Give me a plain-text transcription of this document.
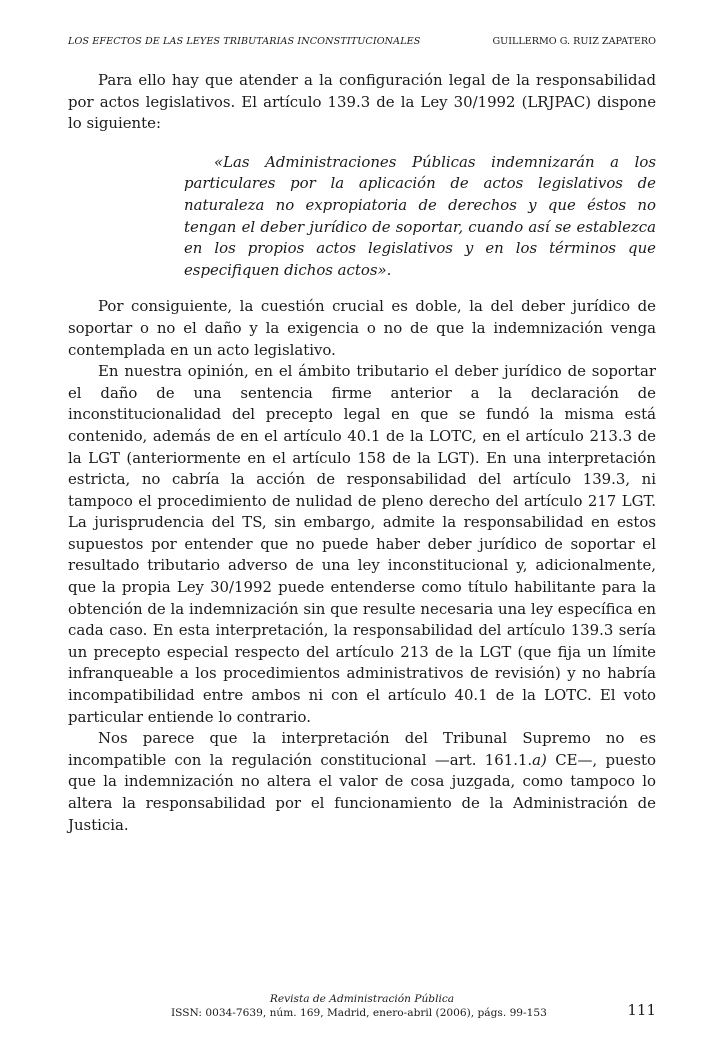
LOS EFECTOS DE LAS LEYES TRIBUTARIAS INCONSTITUCIONALES	GUILLERMO G. RUIZ ZAPATERO

Para ello hay que atender a la configuración legal de la responsabilidad por actos legislativos. El artículo 139.3 de la Ley 30/1992 (LRJPAC) dispone lo siguiente:

«Las Administraciones Públicas indemnizarán a los particulares por la aplicación de actos legislativos de naturaleza no expropiatoria de derechos y que éstos no tengan el deber jurídico de soportar, cuando así se establezca en los propios actos legislativos y en los términos que especifiquen dichos actos».

Por consiguiente, la cuestión crucial es doble, la del deber jurídico de soportar o no el daño y la exigencia o no de que la indemnización venga contemplada en un acto legislativo.

En nuestra opinión, en el ámbito tributario el deber jurídico de soportar el daño de una sentencia firme anterior a la declaración de inconstitucionalidad del precepto legal en que se fundó la misma está contenido, además de en el artículo 40.1 de la LOTC, en el artículo 213.3 de la LGT (anteriormente en el artículo 158 de la LGT). En una interpretación estricta, no cabría la acción de responsabilidad del artículo 139.3, ni tampoco el procedimiento de nulidad de pleno derecho del artículo 217 LGT. La jurisprudencia del TS, sin embargo, admite la responsabilidad en estos supuestos por entender que no puede haber deber jurídico de soportar el resultado tributario adverso de una ley inconstitucional y, adicionalmente, que la propia Ley 30/1992 puede entenderse como título habilitante para la obtención de la indemnización sin que resulte necesaria una ley específica en cada caso. En esta interpretación, la responsabilidad del artículo 139.3 sería un precepto especial respecto del artículo 213 de la LGT (que fija un límite infranqueable a los procedimientos administrativos de revisión) y no habría incompatibilidad entre ambos ni con el artículo 40.1 de la LOTC. El voto particular entiende lo contrario.

Nos parece que la interpretación del Tribunal Supremo no es incompatible con la regulación constitucional —art. 161.1.a) CE—, puesto que la indemnización no altera el valor de cosa juzgada, como tampoco lo altera la responsabilidad por el funcionamiento de la Administración de Justicia.

Revista de Administración Pública
ISSN: 0034-7639, núm. 169, Madrid, enero-abril (2006), págs. 99-153	111
